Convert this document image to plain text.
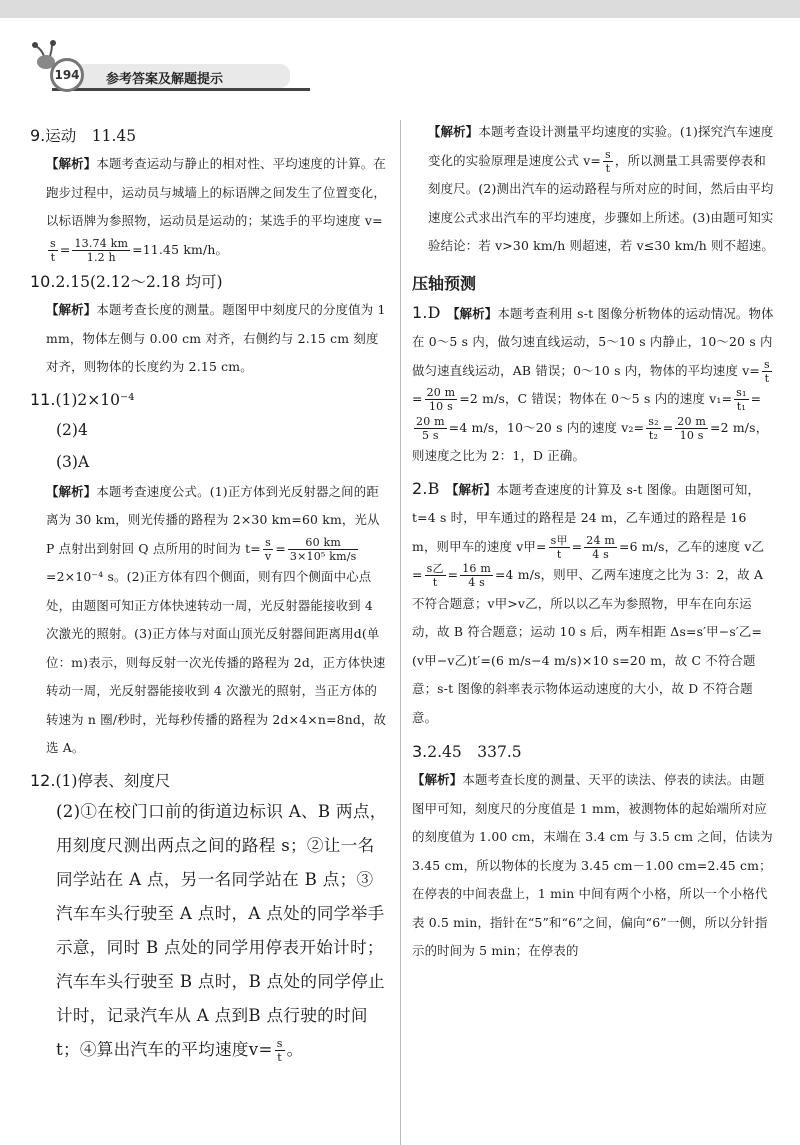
194 参考答案及解题提示
9.运动　11.45
【解析】本题考查运动与静止的相对性、平均速度的计算。在跑步过程中，运动员与城墙上的标语牌之间发生了位置变化，以标语牌为参照物，运动员是运动的；某选手的平均速度 v=
$\frac{s}{t} = \frac{13.74 km}{1.2 h} =11.45$ km/h。
10.2.15(2.12～2.18 均可)
【解析】本题考查长度的测量。题图甲中刻度尺的分度值为 1 mm，物体左侧与 0.00 cm 对齐，右侧约与 2.15 cm 刻度对齐，则物体的长度约为 2.15 cm。
11.(1)2×10⁻⁴
(2)4
(3)A
【解析】本题考查速度公式。(1)正方体到光反射器之间的距离为 30 km，则光传播的路程为 2×30 km=60 km，光从 P 点射出到射回 Q 点所用的时间为 $t= \frac{s}{v} = \frac{60 km}{\text{3×10⁵ km/s}}$
=2×10⁻⁴ s。(2)正方体有四个侧面，则有四个侧面中心点处，由题图可知正方体快速转动一周，光反射器能接收到 4 次激光的照射。(3)正方体与对面山顶光反射器间距离用d(单位：m)表示，则每反射一次光传播的路程为 2d，正方体快速转动一周，光反射器能接收到 4 次激光的照射，当正方体的转速为 n 圈/秒时，光每秒传播的路程为 2d×4×n=8nd，故选 A。
12.(1)停表、刻度尺
(2)①在校门口前的街道边标识 A、B 两点，用刻度尺测出两点之间的路程 s；②让一名同学站在 A 点，另一名同学站在 B 点；③汽车车头行驶至 A 点时，A 点处的同学举手示意，同时 B 点处的同学用停表开始计时；汽车车头行驶至 B 点时，B 点处的同学停止计时，记录汽车从 A 点到B 点行驶的时间 t；④算出汽车的平均速度$v= \frac{s}{t}$ 。
【解析】本题考查设计测量平均速度的实验。(1)探究汽车速度变化的实验原理是速度公式 $v= \frac{s}{t}$ ，所以测量工具需要停表和刻度尺。(2)测出汽车的运动路程与所对应的时间，然后由平均速度公式求出汽车的平均速度，步骤如上所述。(3)由题可知实验结论：若 v>30 km/h 则超速，若 v≤30 km/h 则不超速。
压轴预测
1.D　 【解析】本题考查利用 s-t 图像分析物体的运动情况。物体在 0～5 s 内，做匀速直线运动，5～10 s 内静止，10～20 s 内做匀速直线运动，AB 错误；0～10 s 内，物体的平均速度 $v= \frac{s}{t}$
= $\frac{20 m}{10 s} =2$ m/s，C 错误；物体在 0～5 s 内的速度 $v_1= \frac{\text{s₁}}{\text{t₁}}$ =
$\frac{20 m}{5 s} =4$ m/s，10～20 s 内的速度 $v_2= \frac{\text{s₂}}{\text{t₂}} = \frac{20 m}{10 s} =2$ m/s，则速度之比为 2：1，D 正确。
2.B　 【解析】本题考查速度的计算及 s-t 图像。由题图可知，t=4 s 时，甲车通过的路程是 24 m，乙车通过的路程是 16 m，则甲车的速度 v甲= $\frac{\text{s甲}}{t} = \frac{24 m}{4 s} =6$ m/s，乙车的速度 v乙= $\frac{\text{s乙}}{t} = \frac{16 m}{4 s} =4$ m/s，则甲、乙两车速度之比为 3：2，故 A 不符合题意；v甲>v乙，所以以乙车为参照物，甲车在向东运动，故 B 符合题意；运动 10 s 后，两车相距 Δs=s′甲−s′乙=(v甲−v乙)t′=(6 m/s−4 m/s)×10 s=20 m，故 C 不符合题意；s-t 图像的斜率表示物体运动速度的大小，故 D 不符合题意。
3.2.45　337.5
【解析】本题考查长度的测量、天平的读法、停表的读法。由题图甲可知，刻度尺的分度值是 1 mm，被测物体的起始端所对应的刻度值为 1.00 cm，末端在 3.4 cm 与 3.5 cm 之间，估读为 3.45 cm，所以物体的长度为 3.45 cm－1.00 cm=2.45 cm；在停表的中间表盘上，1 min 中间有两个小格，所以一个小格代表 0.5 min，指针在“5”和“6”之间，偏向“6”一侧，所以分针指示的时间为 5 min；在停表的
